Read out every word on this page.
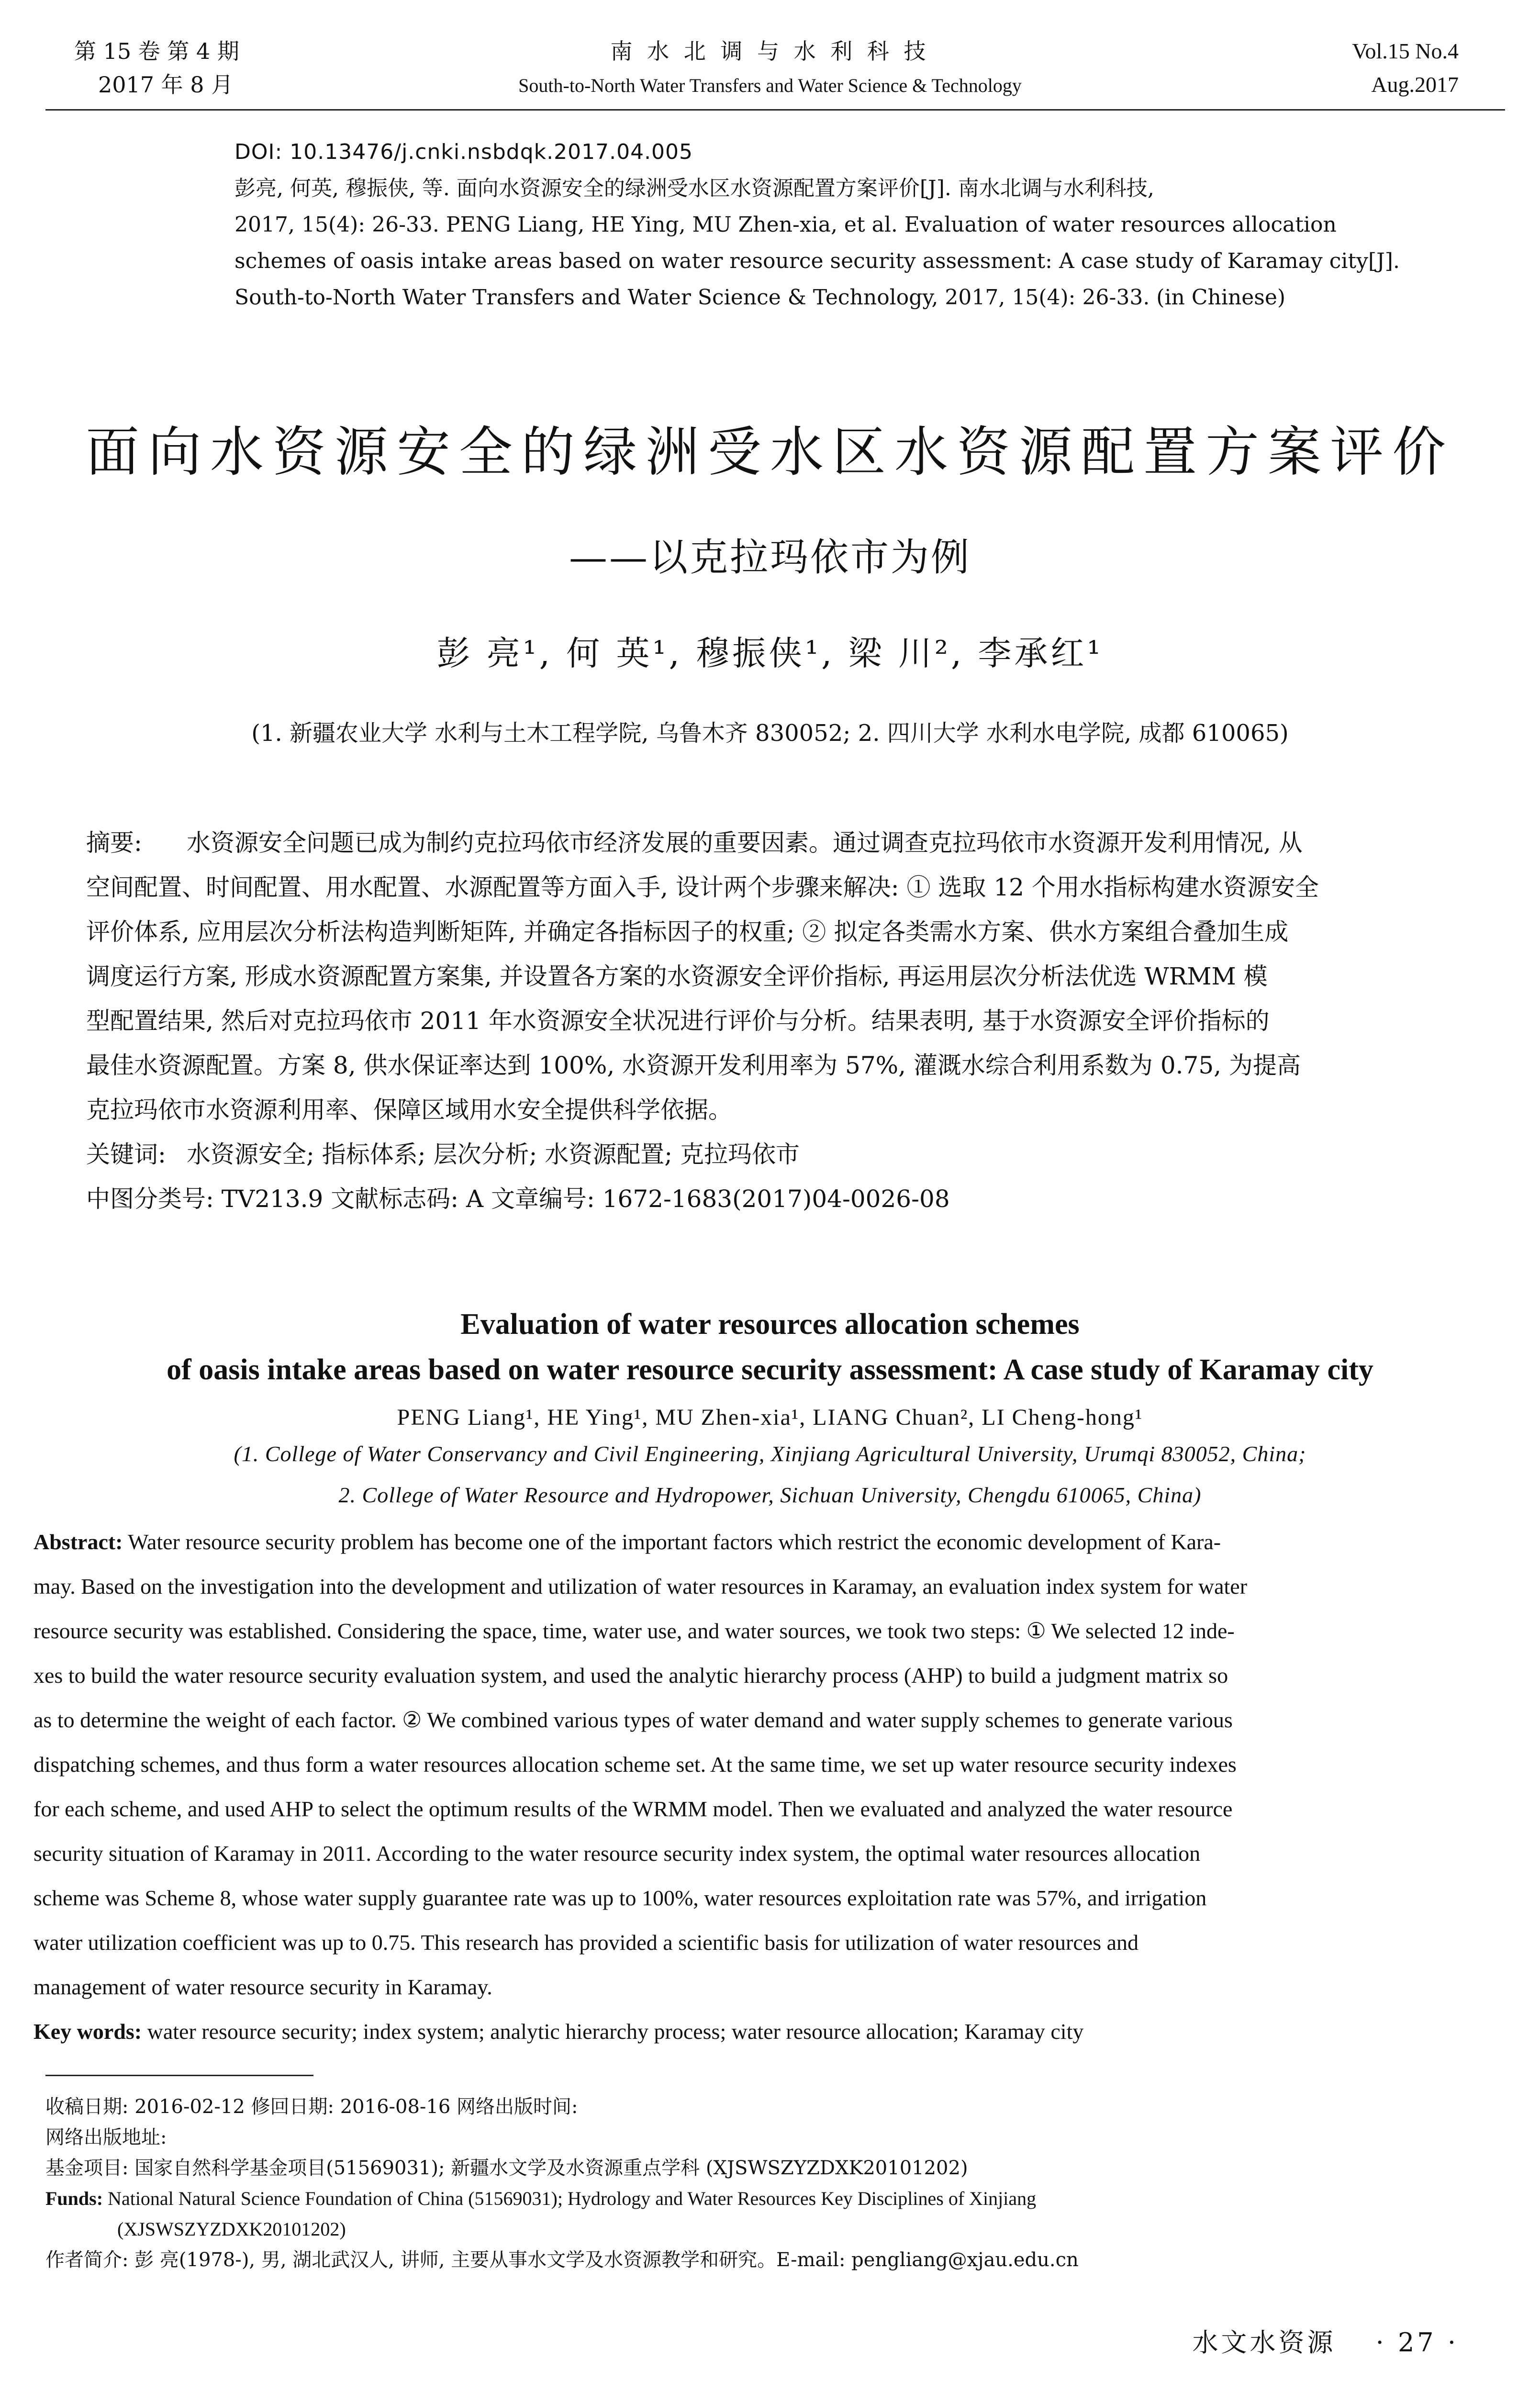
第 15 卷 第 4 期
2017 年 8 月
南 水 北 调 与 水 利 科 技
South-to-North Water Transfers and Water Science & Technology
Vol.15 No.4
Aug.2017

DOI: 10.13476/j.cnki.nsbdqk.2017.04.005

彭亮, 何英, 穆振侠, 等. 面向水资源安全的绿洲受水区水资源配置方案评价[J]. 南水北调与水利科技,

2017, 15(4): 26-33. PENG Liang, HE Ying, MU Zhen-xia, et al. Evaluation of water resources allocation

schemes of oasis intake areas based on water resource security assessment: A case study of Karamay city[J].

South-to-North Water Transfers and Water Science & Technology, 2017, 15(4): 26-33. (in Chinese)

面向水资源安全的绿洲受水区水资源配置方案评价
——以克拉玛依市为例
彭 亮¹, 何 英¹, 穆振侠¹, 梁 川², 李承红¹
(1. 新疆农业大学 水利与土木工程学院, 乌鲁木齐 830052; 2. 四川大学 水利水电学院, 成都 610065)

摘要: 水资源安全问题已成为制约克拉玛依市经济发展的重要因素。通过调查克拉玛依市水资源开发利用情况, 从

空间配置、时间配置、用水配置、水源配置等方面入手, 设计两个步骤来解决: ① 选取 12 个用水指标构建水资源安全

评价体系, 应用层次分析法构造判断矩阵, 并确定各指标因子的权重; ② 拟定各类需水方案、供水方案组合叠加生成

调度运行方案, 形成水资源配置方案集, 并设置各方案的水资源安全评价指标, 再运用层次分析法优选 WRMM 模

型配置结果, 然后对克拉玛依市 2011 年水资源安全状况进行评价与分析。结果表明, 基于水资源安全评价指标的

最佳水资源配置。方案 8, 供水保证率达到 100%, 水资源开发利用率为 57%, 灌溉水综合利用系数为 0.75, 为提高

克拉玛依市水资源利用率、保障区域用水安全提供科学依据。

关键词: 水资源安全; 指标体系; 层次分析; 水资源配置; 克拉玛依市

中图分类号: TV213.9 文献标志码: A 文章编号: 1672-1683(2017)04-0026-08

Evaluation of water resources allocation schemes
of oasis intake areas based on water resource security assessment: A case study of Karamay city
PENG Liang¹, HE Ying¹, MU Zhen-xia¹, LIANG Chuan², LI Cheng-hong¹
(1. College of Water Conservancy and Civil Engineering, Xinjiang Agricultural University, Urumqi 830052, China;
2. College of Water Resource and Hydropower, Sichuan University, Chengdu 610065, China)

Abstract: Water resource security problem has become one of the important factors which restrict the economic development of Kara-

may. Based on the investigation into the development and utilization of water resources in Karamay, an evaluation index system for water

resource security was established. Considering the space, time, water use, and water sources, we took two steps: ① We selected 12 inde-

xes to build the water resource security evaluation system, and used the analytic hierarchy process (AHP) to build a judgment matrix so

as to determine the weight of each factor. ② We combined various types of water demand and water supply schemes to generate various

dispatching schemes, and thus form a water resources allocation scheme set. At the same time, we set up water resource security indexes

for each scheme, and used AHP to select the optimum results of the WRMM model. Then we evaluated and analyzed the water resource

security situation of Karamay in 2011. According to the water resource security index system, the optimal water resources allocation

scheme was Scheme 8, whose water supply guarantee rate was up to 100%, water resources exploitation rate was 57%, and irrigation

water utilization coefficient was up to 0.75. This research has provided a scientific basis for utilization of water resources and

management of water resource security in Karamay.

Key words: water resource security; index system; analytic hierarchy process; water resource allocation; Karamay city

收稿日期: 2016-02-12 修回日期: 2016-08-16 网络出版时间:

网络出版地址:

基金项目: 国家自然科学基金项目(51569031); 新疆水文学及水资源重点学科 (XJSWSZYZDXK20101202)

Funds: National Natural Science Foundation of China (51569031); Hydrology and Water Resources Key Disciplines of Xinjiang

(XJSWSZYZDXK20101202)

作者简介: 彭 亮(1978-), 男, 湖北武汉人, 讲师, 主要从事水文学及水资源教学和研究。E-mail: pengliang@xjau.edu.cn

水文水资源 · 27 ·
